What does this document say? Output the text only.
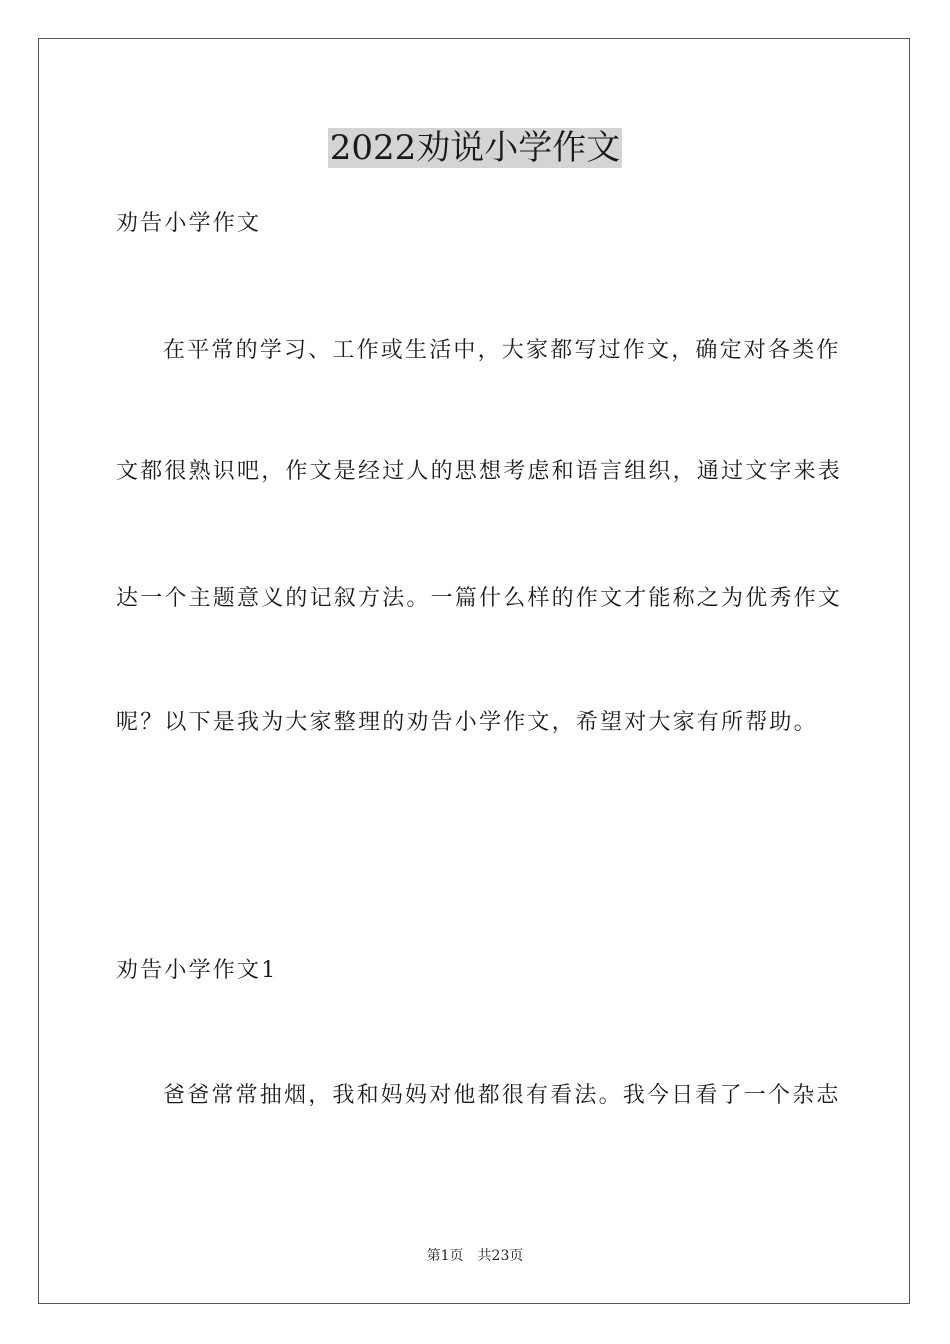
2022劝说小学作文
劝告小学作文
在平常的学习、工作或生活中，大家都写过作文，确定对各类作
文都很熟识吧，作文是经过人的思想考虑和语言组织，通过文字来表
达一个主题意义的记叙方法。一篇什么样的作文才能称之为优秀作文
呢？以下是我为大家整理的劝告小学作文，希望对大家有所帮助。
劝告小学作文1
爸爸常常抽烟，我和妈妈对他都很有看法。我今日看了一个杂志
第1页 共23页
